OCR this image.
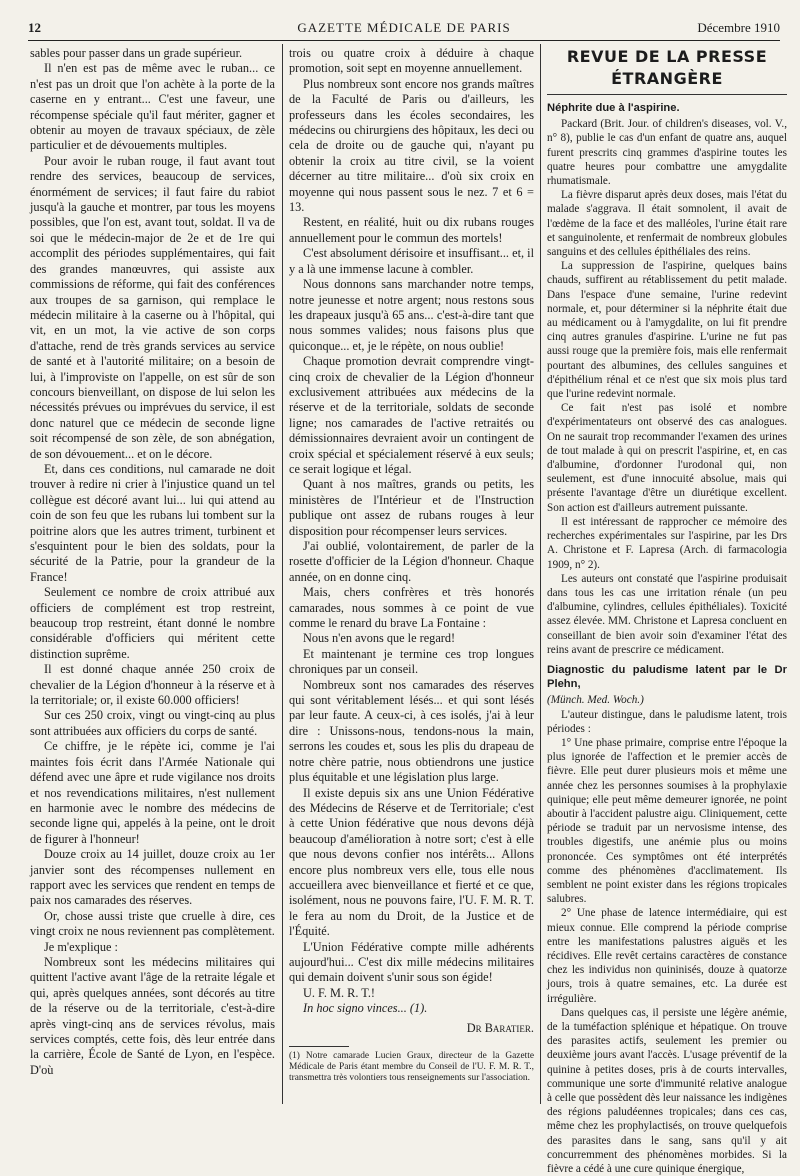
12	GAZETTE MÉDICALE DE PARIS	Décembre 1910

sables pour passer dans un grade supérieur.

Il n'en est pas de même avec le ruban... ce n'est pas un droit que l'on achète à la porte de la caserne en y entrant... C'est une faveur, une récompense spéciale qu'il faut mériter, gagner et obtenir au moyen de travaux spéciaux, de zèle particulier et de dévouements multiples.

Pour avoir le ruban rouge, il faut avant tout rendre des services, beaucoup de services, énormément de services; il faut faire du rabiot jusqu'à la gauche et montrer, par tous les moyens possibles, que l'on est, avant tout, soldat. Il va de soi que le médecin-major de 2e et de 1re qui accomplit des périodes supplémentaires, qui fait des grandes manœuvres, qui assiste aux commissions de réforme, qui fait des conférences aux troupes de sa garnison, qui remplace le médecin militaire à la caserne ou à l'hôpital, qui vit, en un mot, la vie active de son corps d'attache, rend de très grands services au service de santé et à l'autorité militaire; on a besoin de lui, à l'improviste on l'appelle, on est sûr de son concours bienveillant, on dispose de lui selon les nécessités prévues ou imprévues du service, il est donc naturel que ce médecin de seconde ligne soit récompensé de son zèle, de son abnégation, de son dévouement... et on le décore.

Et, dans ces conditions, nul camarade ne doit trouver à redire ni crier à l'injustice quand un tel collègue est décoré avant lui... lui qui attend au coin de son feu que les rubans lui tombent sur la poitrine alors que les autres triment, turbinent et s'esquintent pour le bien des soldats, pour la sécurité de la Patrie, pour la grandeur de la France!

Seulement ce nombre de croix attribué aux officiers de complément est trop restreint, beaucoup trop restreint, étant donné le nombre considérable d'officiers qui méritent cette distinction suprême.

Il est donné chaque année 250 croix de chevalier de la Légion d'honneur à la réserve et à la territoriale; or, il existe 60.000 officiers!

Sur ces 250 croix, vingt ou vingt-cinq au plus sont attribuées aux officiers du corps de santé.

Ce chiffre, je le répète ici, comme je l'ai maintes fois écrit dans l'Armée Nationale qui défend avec une âpre et rude vigilance nos droits et nos revendications militaires, n'est nullement en harmonie avec le nombre des médecins de seconde ligne qui, appelés à la peine, ont le droit de figurer à l'honneur!

Douze croix au 14 juillet, douze croix au 1er janvier sont des récompenses nullement en rapport avec les services que rendent en temps de paix nos camarades des réserves.

Or, chose aussi triste que cruelle à dire, ces vingt croix ne nous reviennent pas complètement.

Je m'explique :

Nombreux sont les médecins militaires qui quittent l'active avant l'âge de la retraite légale et qui, après quelques années, sont décorés au titre de la réserve ou de la territoriale, c'est-à-dire après vingt-cinq ans de services révolus, mais services comptés, cette fois, dès leur entrée dans la carrière, École de Santé de Lyon, en l'espèce. D'où

trois ou quatre croix à déduire à chaque promotion, soit sept en moyenne annuellement.

Plus nombreux sont encore nos grands maîtres de la Faculté de Paris ou d'ailleurs, les professeurs dans les écoles secondaires, les médecins ou chirurgiens des hôpitaux, les deci ou cela de droite ou de gauche qui, n'ayant pu obtenir la croix au titre civil, se la voient décerner au titre militaire... d'où six croix en moyenne qui nous passent sous le nez. 7 et 6 = 13.

Restent, en réalité, huit ou dix rubans rouges annuellement pour le commun des mortels!

C'est absolument dérisoire et insuffisant... et, il y a là une immense lacune à combler.

Nous donnons sans marchander notre temps, notre jeunesse et notre argent; nous restons sous les drapeaux jusqu'à 65 ans... c'est-à-dire tant que nous sommes valides; nous faisons plus que quiconque... et, je le répète, on nous oublie!

Chaque promotion devrait comprendre vingt-cinq croix de chevalier de la Légion d'honneur exclusivement attribuées aux médecins de la réserve et de la territoriale, soldats de seconde ligne; nos camarades de l'active retraités ou démissionnaires devraient avoir un contingent de croix spécial et spécialement réservé à eux seuls; ce serait logique et légal.

Quant à nos maîtres, grands ou petits, les ministères de l'Intérieur et de l'Instruction publique ont assez de rubans rouges à leur disposition pour récompenser leurs services.

J'ai oublié, volontairement, de parler de la rosette d'officier de la Légion d'honneur. Chaque année, on en donne cinq.

Mais, chers confrères et très honorés camarades, nous sommes à ce point de vue comme le renard du brave La Fontaine :

Nous n'en avons que le regard!

Et maintenant je termine ces trop longues chroniques par un conseil.

Nombreux sont nos camarades des réserves qui sont véritablement lésés... et qui sont lésés par leur faute. A ceux-ci, à ces isolés, j'ai à leur dire : Unissons-nous, tendons-nous la main, serrons les coudes et, sous les plis du drapeau de notre chère patrie, nous obtiendrons une justice plus équitable et une législation plus large.

Il existe depuis six ans une Union Fédérative des Médecins de Réserve et de Territoriale; c'est à cette Union fédérative que nous devons déjà beaucoup d'amélioration à notre sort; c'est à elle que nous devons confier nos intérêts... Allons encore plus nombreux vers elle, tous elle nous accueillera avec bienveillance et fierté et ce que, isolément, nous ne pouvons faire, l'U. F. M. R. T. le fera au nom du Droit, de la Justice et de l'Équité.

L'Union Fédérative compte mille adhérents aujourd'hui... C'est dix mille médecins militaires qui demain doivent s'unir sous son égide!

U. F. M. R. T.!

In hoc signo vinces... (1).

Dr Baratier.
(1) Notre camarade Lucien Graux, directeur de la Gazette Médicale de Paris étant membre du Conseil de l'U. F. M. R. T., transmettra très volontiers tous renseignements sur l'association.
REVUE DE LA PRESSE ÉTRANGÈRE
Néphrite due à l'aspirine.

Packard (Brit. Jour. of children's diseases, vol. V., n° 8), publie le cas d'un enfant de quatre ans, auquel furent prescrits cinq grammes d'aspirine toutes les quatre heures pour combattre une amygdalite rhumatismale.

La fièvre disparut après deux doses, mais l'état du malade s'aggrava. Il était somnolent, il avait de l'œdème de la face et des malléoles, l'urine était rare et sanguinolente, et renfermait de nombreux globules sanguins et des cellules épithéliales des reins.

La suppression de l'aspirine, quelques bains chauds, suffirent au rétablissement du petit malade. Dans l'espace d'une semaine, l'urine redevint normale, et, pour déterminer si la néphrite était due au médicament ou à l'amygdalite, on lui fit prendre cinq autres granules d'aspirine. L'urine ne fut pas aussi rouge que la première fois, mais elle renfermait pourtant des albumines, des cellules sanguines et d'épithélium rénal et ce n'est que six mois plus tard que l'urine redevint normale.

Ce fait n'est pas isolé et nombre d'expérimentateurs ont observé des cas analogues. On ne saurait trop recommander l'examen des urines de tout malade à qui on prescrit l'aspirine, et, en cas d'albumine, d'ordonner l'urodonal qui, non seulement, est d'une innocuité absolue, mais qui présente l'avantage d'être un diurétique excellent. Son action est d'ailleurs autrement puissante.

Il est intéressant de rapprocher ce mémoire des recherches expérimentales sur l'aspirine, par les Drs A. Christone et F. Lapresa (Arch. di farmacologia 1909, n° 2).

Les auteurs ont constaté que l'aspirine produisait dans tous les cas une irritation rénale (un peu d'albumine, cylindres, cellules épithéliales). Toxicité assez élevée. MM. Christone et Lapresa concluent en conseillant de bien avoir soin d'examiner l'état des reins avant de prescrire ce médicament.

Diagnostic du paludisme latent par le Dr Plehn,

(Münch. Med. Woch.)

L'auteur distingue, dans le paludisme latent, trois périodes :

1° Une phase primaire, comprise entre l'époque la plus ignorée de l'affection et le premier accès de fièvre. Elle peut durer plusieurs mois et même une année chez les personnes soumises à la prophylaxie quinique; elle peut même demeurer ignorée, ne point aboutir à l'accident palustre aigu. Cliniquement, cette période se traduit par un nervosisme intense, des troubles digestifs, une anémie plus ou moins prononcée. Ces symptômes ont été interprétés comme des phénomènes d'acclimatement. Ils semblent ne point exister dans les régions tropicales salubres.

2° Une phase de latence intermédiaire, qui est mieux connue. Elle comprend la période comprise entre les manifestations palustres aiguës et les récidives. Elle revêt certains caractères de constance chez les individus non quininisés, douze à quatorze jours, trois à quatre semaines, etc. La durée est irrégulière.

Dans quelques cas, il persiste une légère anémie, de la tuméfaction splénique et hépatique. On trouve des parasites actifs, seulement les premier ou deuxième jours avant l'accès. L'usage préventif de la quinine à petites doses, pris à de courts intervalles, communique une sorte d'immunité relative analogue à celle que possèdent dès leur naissance les indigènes des régions paludéennes tropicales; dans ces cas, même chez les prophylactisés, on trouve quelquefois des parasites dans le sang, sans qu'il y ait concurremment des phénomènes morbides. Si la fièvre a cédé à une cure quinique énergique,
